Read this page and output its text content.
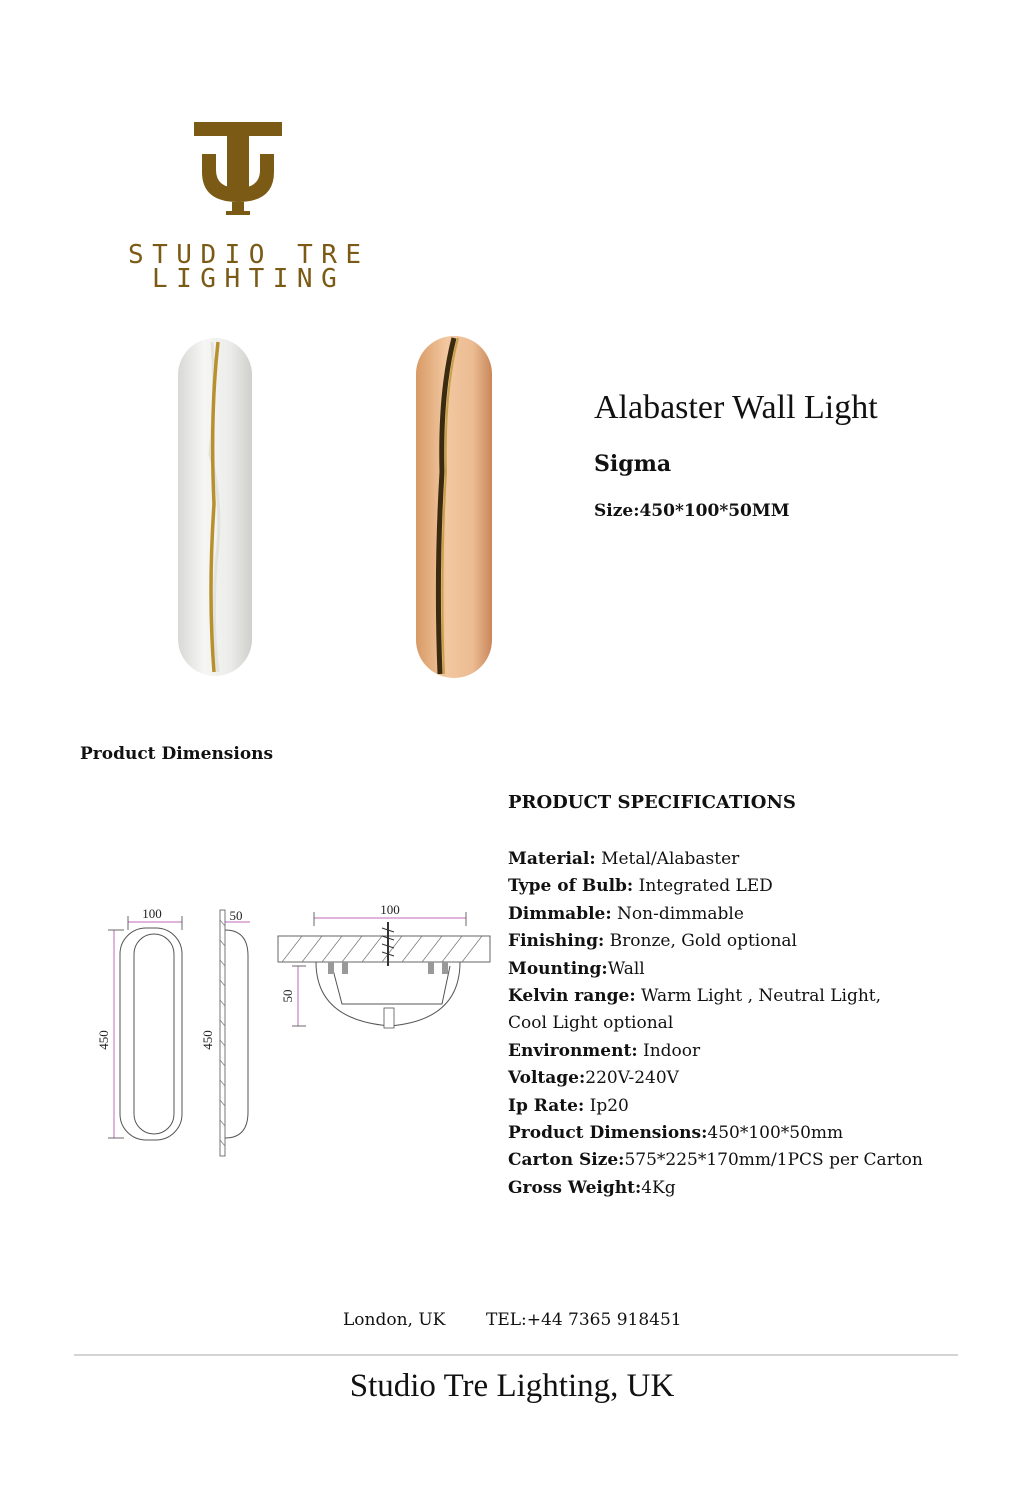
STUDIO TRE
LIGHTING
Alabaster Wall Light
Sigma
Size:450*100*50MM
Product Dimensions
PRODUCT SPECIFICATIONS
Material: Metal/Alabaster
Type of Bulb: Integrated LED
Dimmable: Non-dimmable
Finishing: Bronze, Gold optional
Mounting:Wall
Kelvin range: Warm Light , Neutral Light,
Cool Light optional
Environment: Indoor
Voltage:220V-240V
Ip Rate: Ip20
Product Dimensions:450*100*50mm
Carton Size:575*225*170mm/1PCS per Carton
Gross Weight:4Kg
100
450
50
450
100
50
London, UK TEL:+44 7365 918451
Studio Tre Lighting, UK
